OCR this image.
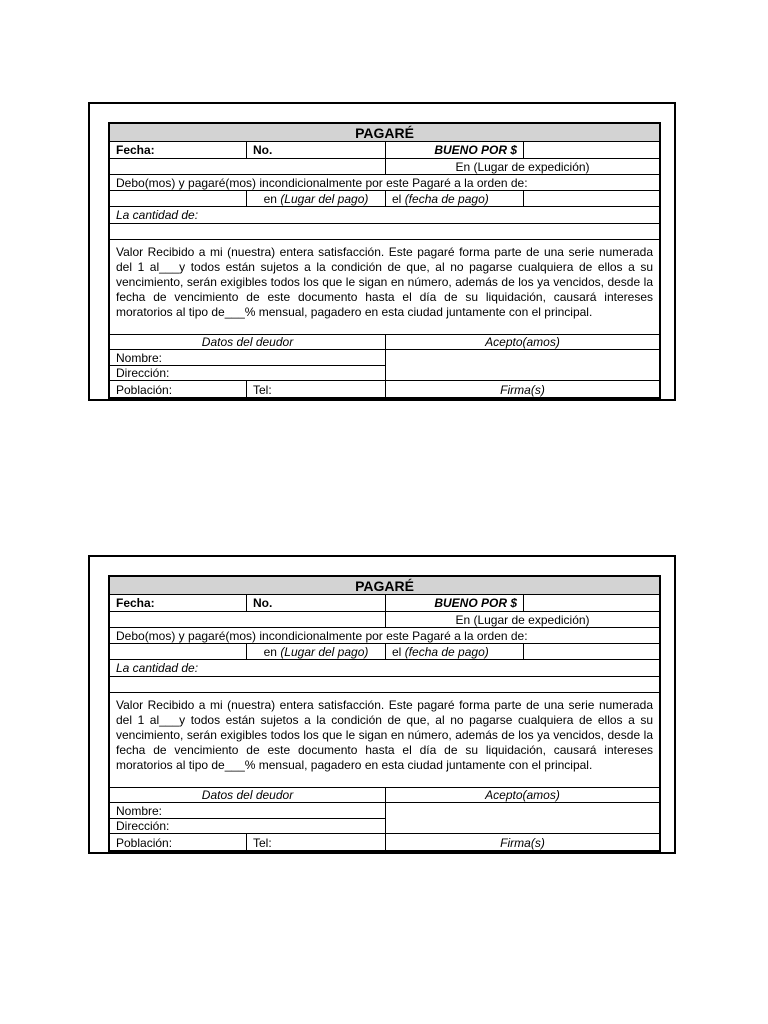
PAGARÉ
Fecha:	No.	BUENO POR $
En (Lugar de expedición)
Debo(mos) y pagaré(mos) incondicionalmente por este Pagaré a la orden de:
en (Lugar del pago) el (fecha de pago)
La cantidad de:
Valor Recibido a mi (nuestra) entera satisfacción. Este pagaré forma parte de una serie numerada del 1 al___y todos están sujetos a la condición de que, al no pagarse cualquiera de ellos a su vencimiento, serán exigibles todos los que le sigan en número, además de los ya vencidos, desde la fecha de vencimiento de este documento hasta el día de su liquidación, causará intereses moratorios al tipo de___% mensual, pagadero en esta ciudad juntamente con el principal.
Datos del deudor	Acepto(amos)
Nombre:
Dirección:
Población:	Tel:	Firma(s)
PAGARÉ
Fecha:	No.	BUENO POR $
En (Lugar de expedición)
Debo(mos) y pagaré(mos) incondicionalmente por este Pagaré a la orden de:
en (Lugar del pago) el (fecha de pago)
La cantidad de:
Valor Recibido a mi (nuestra) entera satisfacción. Este pagaré forma parte de una serie numerada del 1 al___y todos están sujetos a la condición de que, al no pagarse cualquiera de ellos a su vencimiento, serán exigibles todos los que le sigan en número, además de los ya vencidos, desde la fecha de vencimiento de este documento hasta el día de su liquidación, causará intereses moratorios al tipo de___% mensual, pagadero en esta ciudad juntamente con el principal.
Datos del deudor	Acepto(amos)
Nombre:
Dirección:
Población:	Tel:	Firma(s)
